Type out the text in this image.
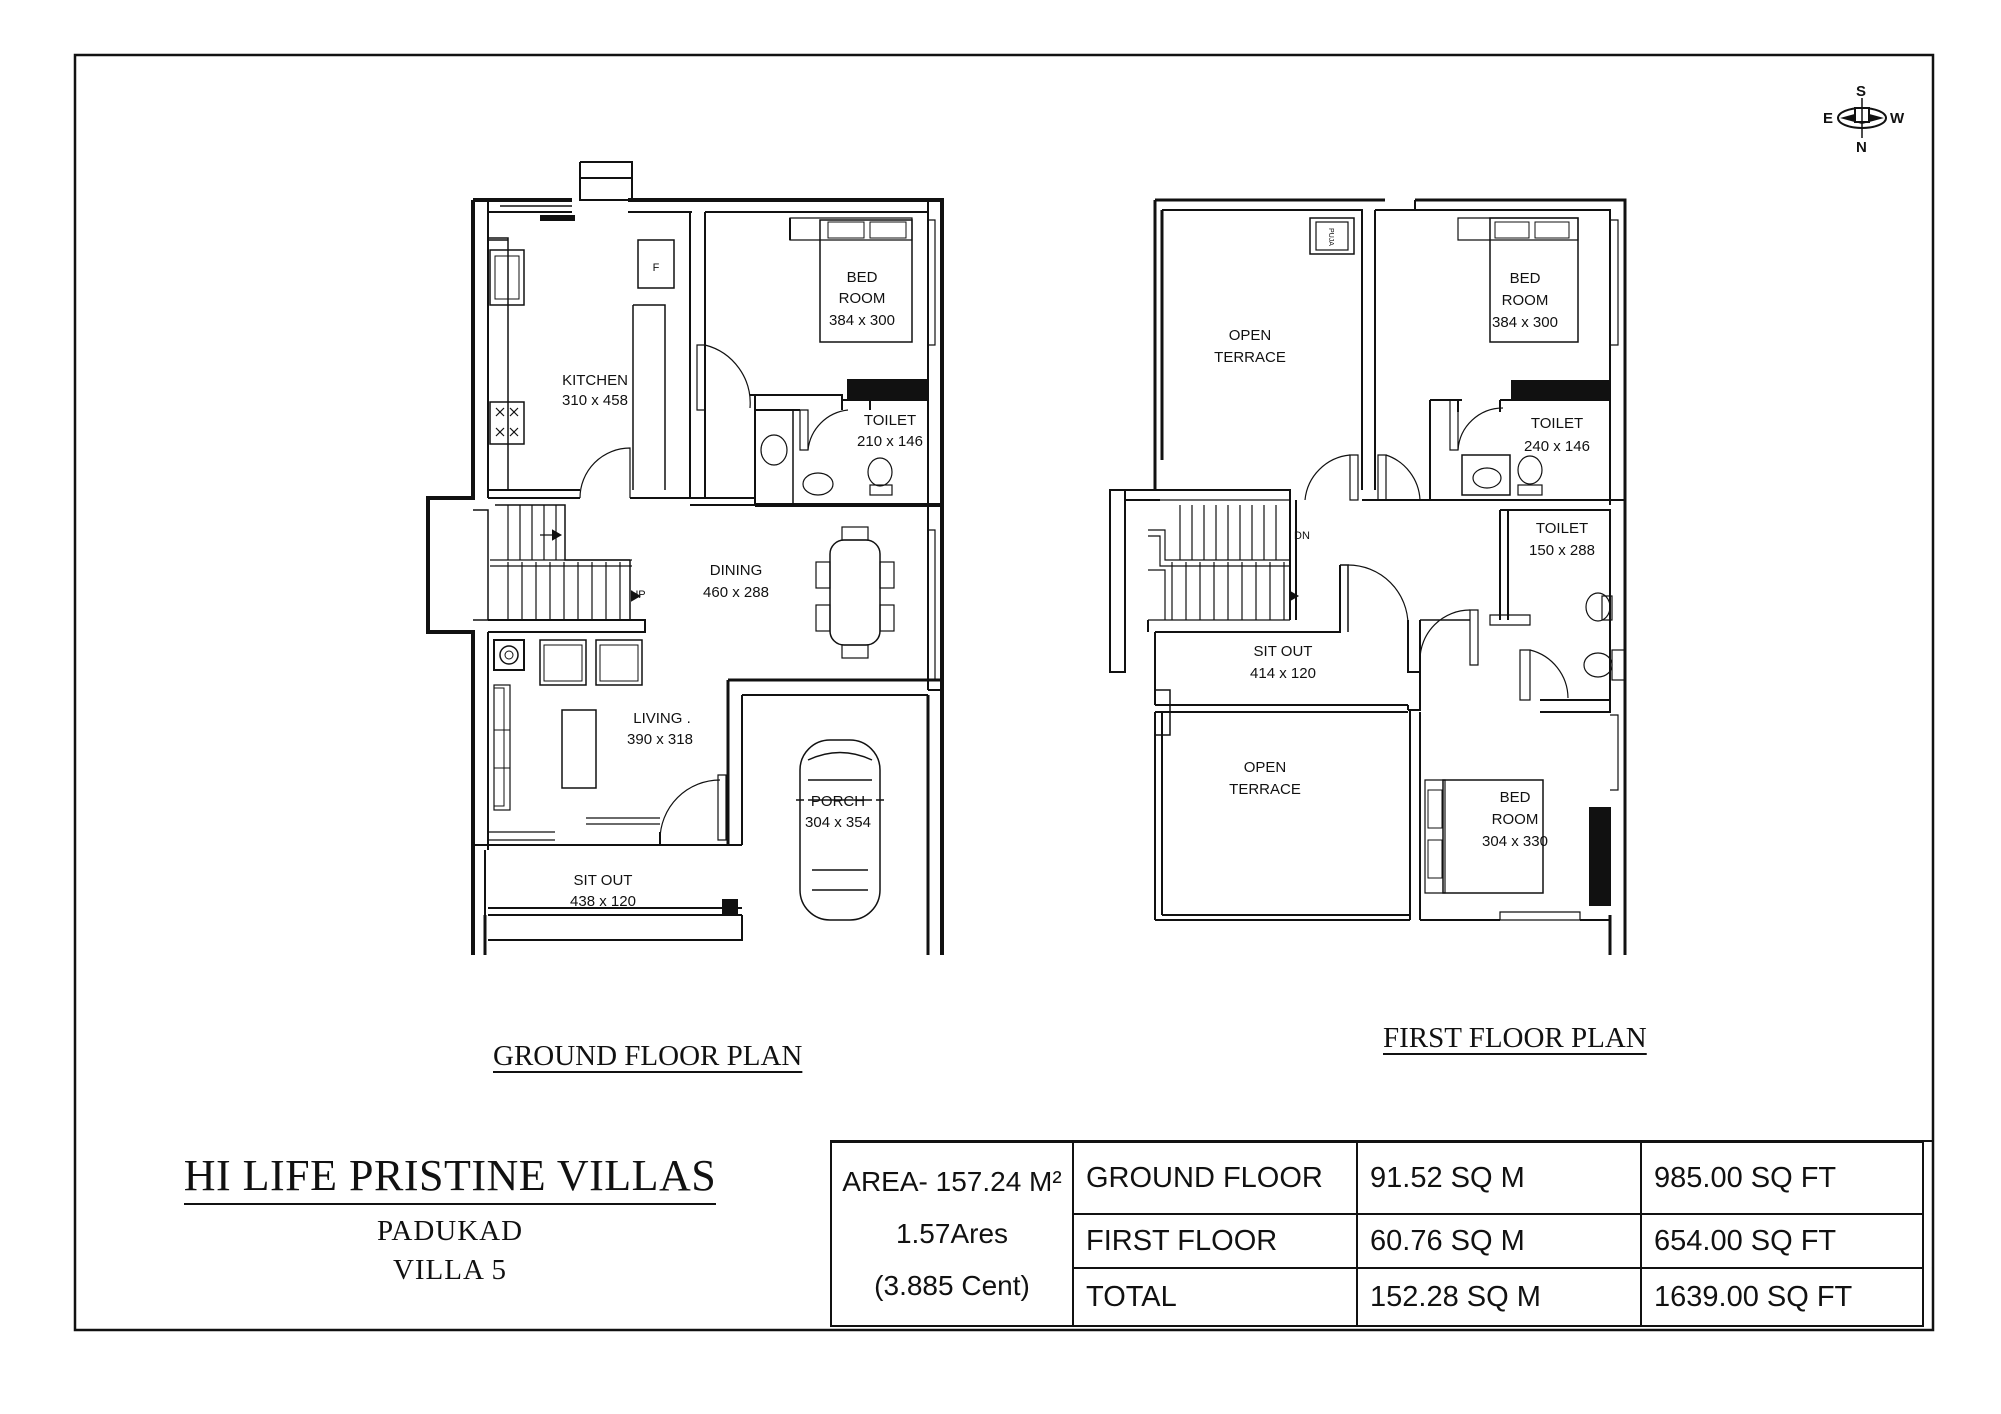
S
N
E	W
F
KITCHEN
310 x 458
BED
ROOM
384 x 300
TOILET
210 x 146
DINING
460 x 288
UP
LIVING .
390 x 318
PORCH
304 x 354
SIT OUT
438 x 120
PUJA
OPEN
TERRACE
BED
ROOM
384 x 300
TOILET
240 x 146
TOILET
150 x 288
DN
SIT OUT
414 x 120
OPEN
TERRACE	BED
ROOM
304 x 330
GROUND FLOOR PLAN
FIRST FLOOR PLAN
HI LIFE PRISTINE VILLAS
PADUKAD
VILLA 5
AREA- 157.24 M²
1.57Ares
(3.885 Cent)	GROUND FLOOR	91.52 SQ M	985.00 SQ FT
	FIRST FLOOR	60.76 SQ M	654.00 SQ FT
	TOTAL	152.28 SQ M	1639.00 SQ FT
